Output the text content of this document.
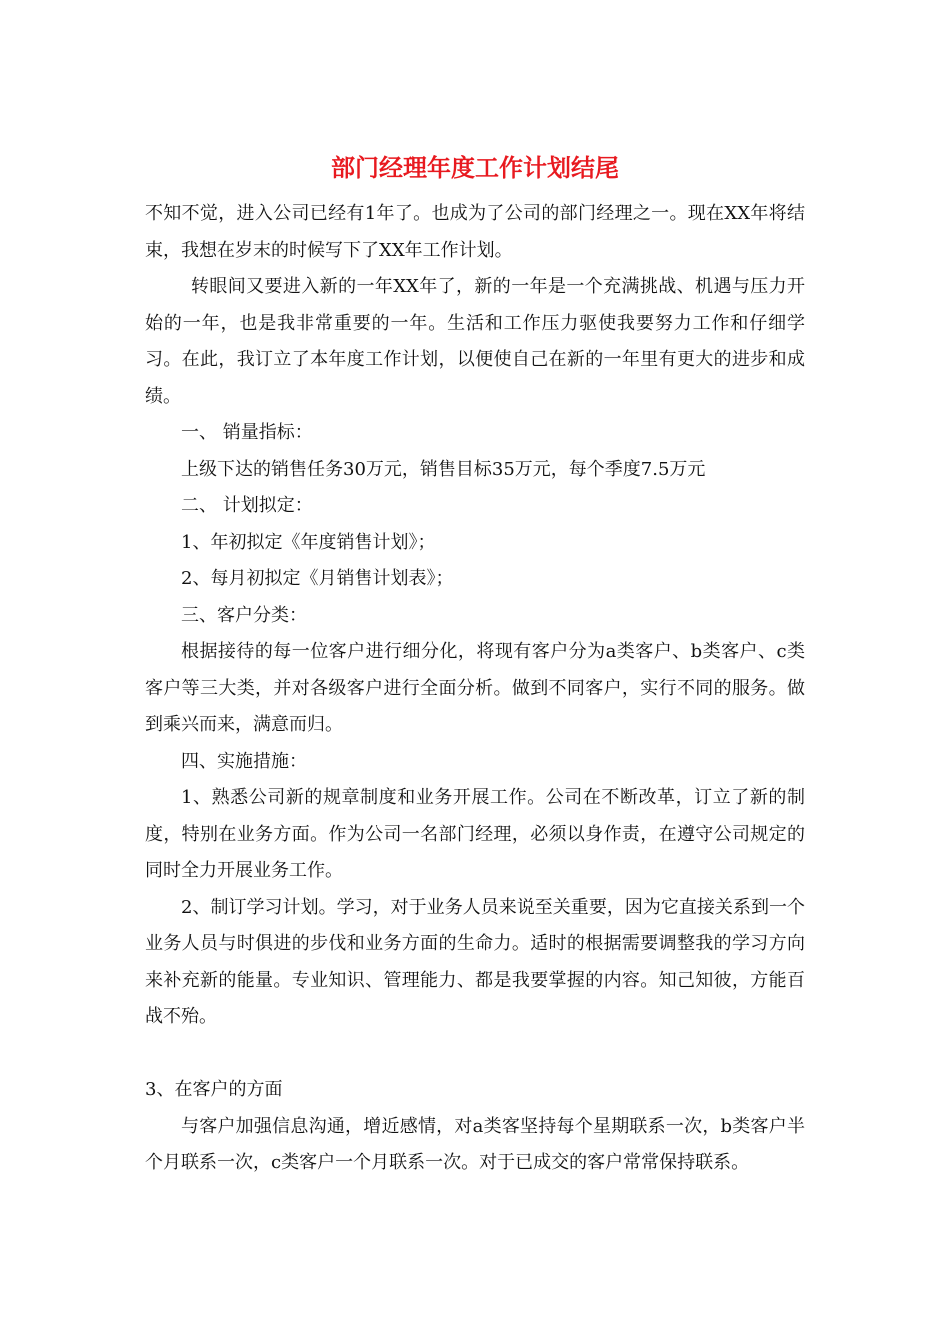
部门经理年度工作计划结尾

不知不觉，进入公司已经有1年了。也成为了公司的部门经理之一。现在XX年将结束，我想在岁末的时候写下了XX年工作计划。

转眼间又要进入新的一年XX年了，新的一年是一个充满挑战、机遇与压力开始的一年，也是我非常重要的一年。生活和工作压力驱使我要努力工作和仔细学习。在此，我订立了本年度工作计划，以便使自己在新的一年里有更大的进步和成绩。

一、 销量指标：

上级下达的销售任务30万元，销售目标35万元，每个季度7.5万元

二、 计划拟定：

1、年初拟定《年度销售计划》；

2、每月初拟定《月销售计划表》；

三、客户分类：

根据接待的每一位客户进行细分化，将现有客户分为a类客户、b类客户、c类客户等三大类，并对各级客户进行全面分析。做到不同客户，实行不同的服务。做到乘兴而来，满意而归。

四、实施措施：

1、熟悉公司新的规章制度和业务开展工作。公司在不断改革，订立了新的制度，特别在业务方面。作为公司一名部门经理，必须以身作责，在遵守公司规定的同时全力开展业务工作。

2、制订学习计划。学习，对于业务人员来说至关重要，因为它直接关系到一个业务人员与时俱进的步伐和业务方面的生命力。适时的根据需要调整我的学习方向来补充新的能量。专业知识、管理能力、都是我要掌握的内容。知己知彼，方能百战不殆。

3、在客户的方面

与客户加强信息沟通，增近感情，对a类客坚持每个星期联系一次，b类客户半个月联系一次，c类客户一个月联系一次。对于已成交的客户常常保持联系。
